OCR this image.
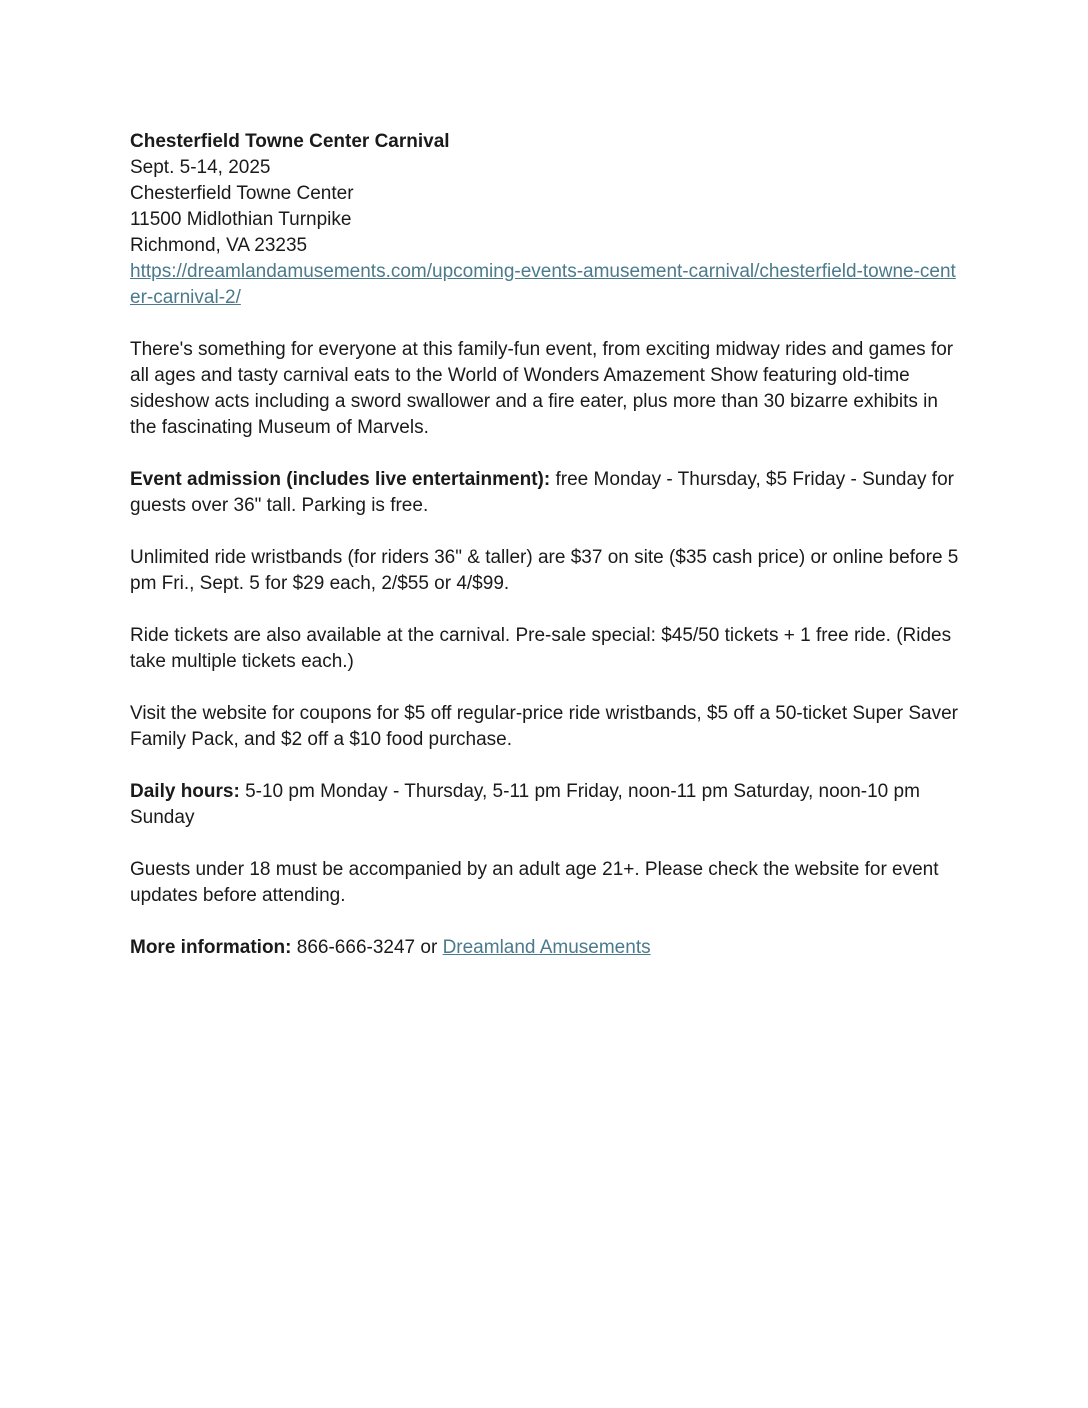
Chesterfield Towne Center Carnival
Sept. 5-14, 2025
Chesterfield Towne Center
11500 Midlothian Turnpike
Richmond, VA 23235
https://dreamlandamusements.com/upcoming-events-amusement-carnival/chesterfield-towne-center-carnival-2/

There's something for everyone at this family-fun event, from exciting midway rides and games for all ages and tasty carnival eats to the World of Wonders Amazement Show featuring old-time sideshow acts including a sword swallower and a fire eater, plus more than 30 bizarre exhibits in the fascinating Museum of Marvels.

Event admission (includes live entertainment): free Monday - Thursday, $5 Friday - Sunday for guests over 36" tall. Parking is free.

Unlimited ride wristbands (for riders 36" & taller) are $37 on site ($35 cash price) or online before 5 pm Fri., Sept. 5 for $29 each, 2/$55 or 4/$99.

Ride tickets are also available at the carnival. Pre-sale special: $45/50 tickets + 1 free ride. (Rides take multiple tickets each.)

Visit the website for coupons for $5 off regular-price ride wristbands, $5 off a 50-ticket Super Saver Family Pack, and $2 off a $10 food purchase.

Daily hours: 5-10 pm Monday - Thursday, 5-11 pm Friday, noon-11 pm Saturday, noon-10 pm Sunday

Guests under 18 must be accompanied by an adult age 21+. Please check the website for event updates before attending.

More information: 866-666-3247 or Dreamland Amusements
